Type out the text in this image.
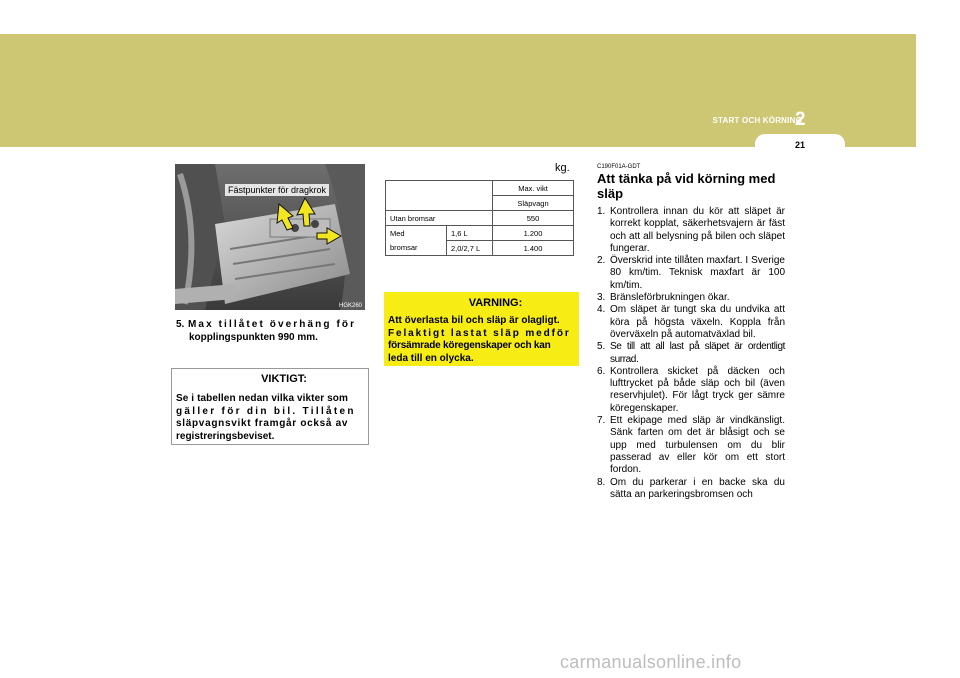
START OCH KÖRNING
2
21
Fästpunkter för dragkrok
HGK260
5. Max tillåtet överhäng för
kopplingspunkten 990 mm.
VIKTIGT:
Se i tabellen nedan vilka vikter som
gäller för din bil. Tillåten
släpvagnsvikt framgår också av
registreringsbeviset.
kg.
		Max. vikt
		Släpvagn
Utan bromsar		550
Med	1,6 L	1.200
bromsar	2,0/2,7 L	1.400
VARNING:
Att överlasta bil och släp är olagligt.
Felaktigt lastat släp medför
försämrade köregenskaper och kan
leda till en olycka.
C190F01A-GDT
Att tänka på vid körning med släp
1. Kontrollera innan du kör att släpet är korrekt kopplat, säkerhetsvajern är fäst och att all belysning på bilen och släpet fungerar.
2. Överskrid inte tillåten maxfart. I Sverige 80 km/tim. Teknisk maxfart är 100 km/tim.
3. Bränsleförbrukningen ökar.
4. Om släpet är tungt ska du undvika att köra på högsta växeln. Koppla från överväxeln på automatväxlad bil.
5. Se till att all last på släpet är ordentligt surrad.
6. Kontrollera skicket på däcken och lufttrycket på både släp och bil (även reservhjulet). För lågt tryck ger sämre köregenskaper.
7. Ett ekipage med släp är vindkänsligt. Sänk farten om det är blåsigt och se upp med turbulensen om du blir passerad av eller kör om ett stort fordon.
8. Om du parkerar i en backe ska du sätta an parkeringsbromsen och
carmanualsonline.info
